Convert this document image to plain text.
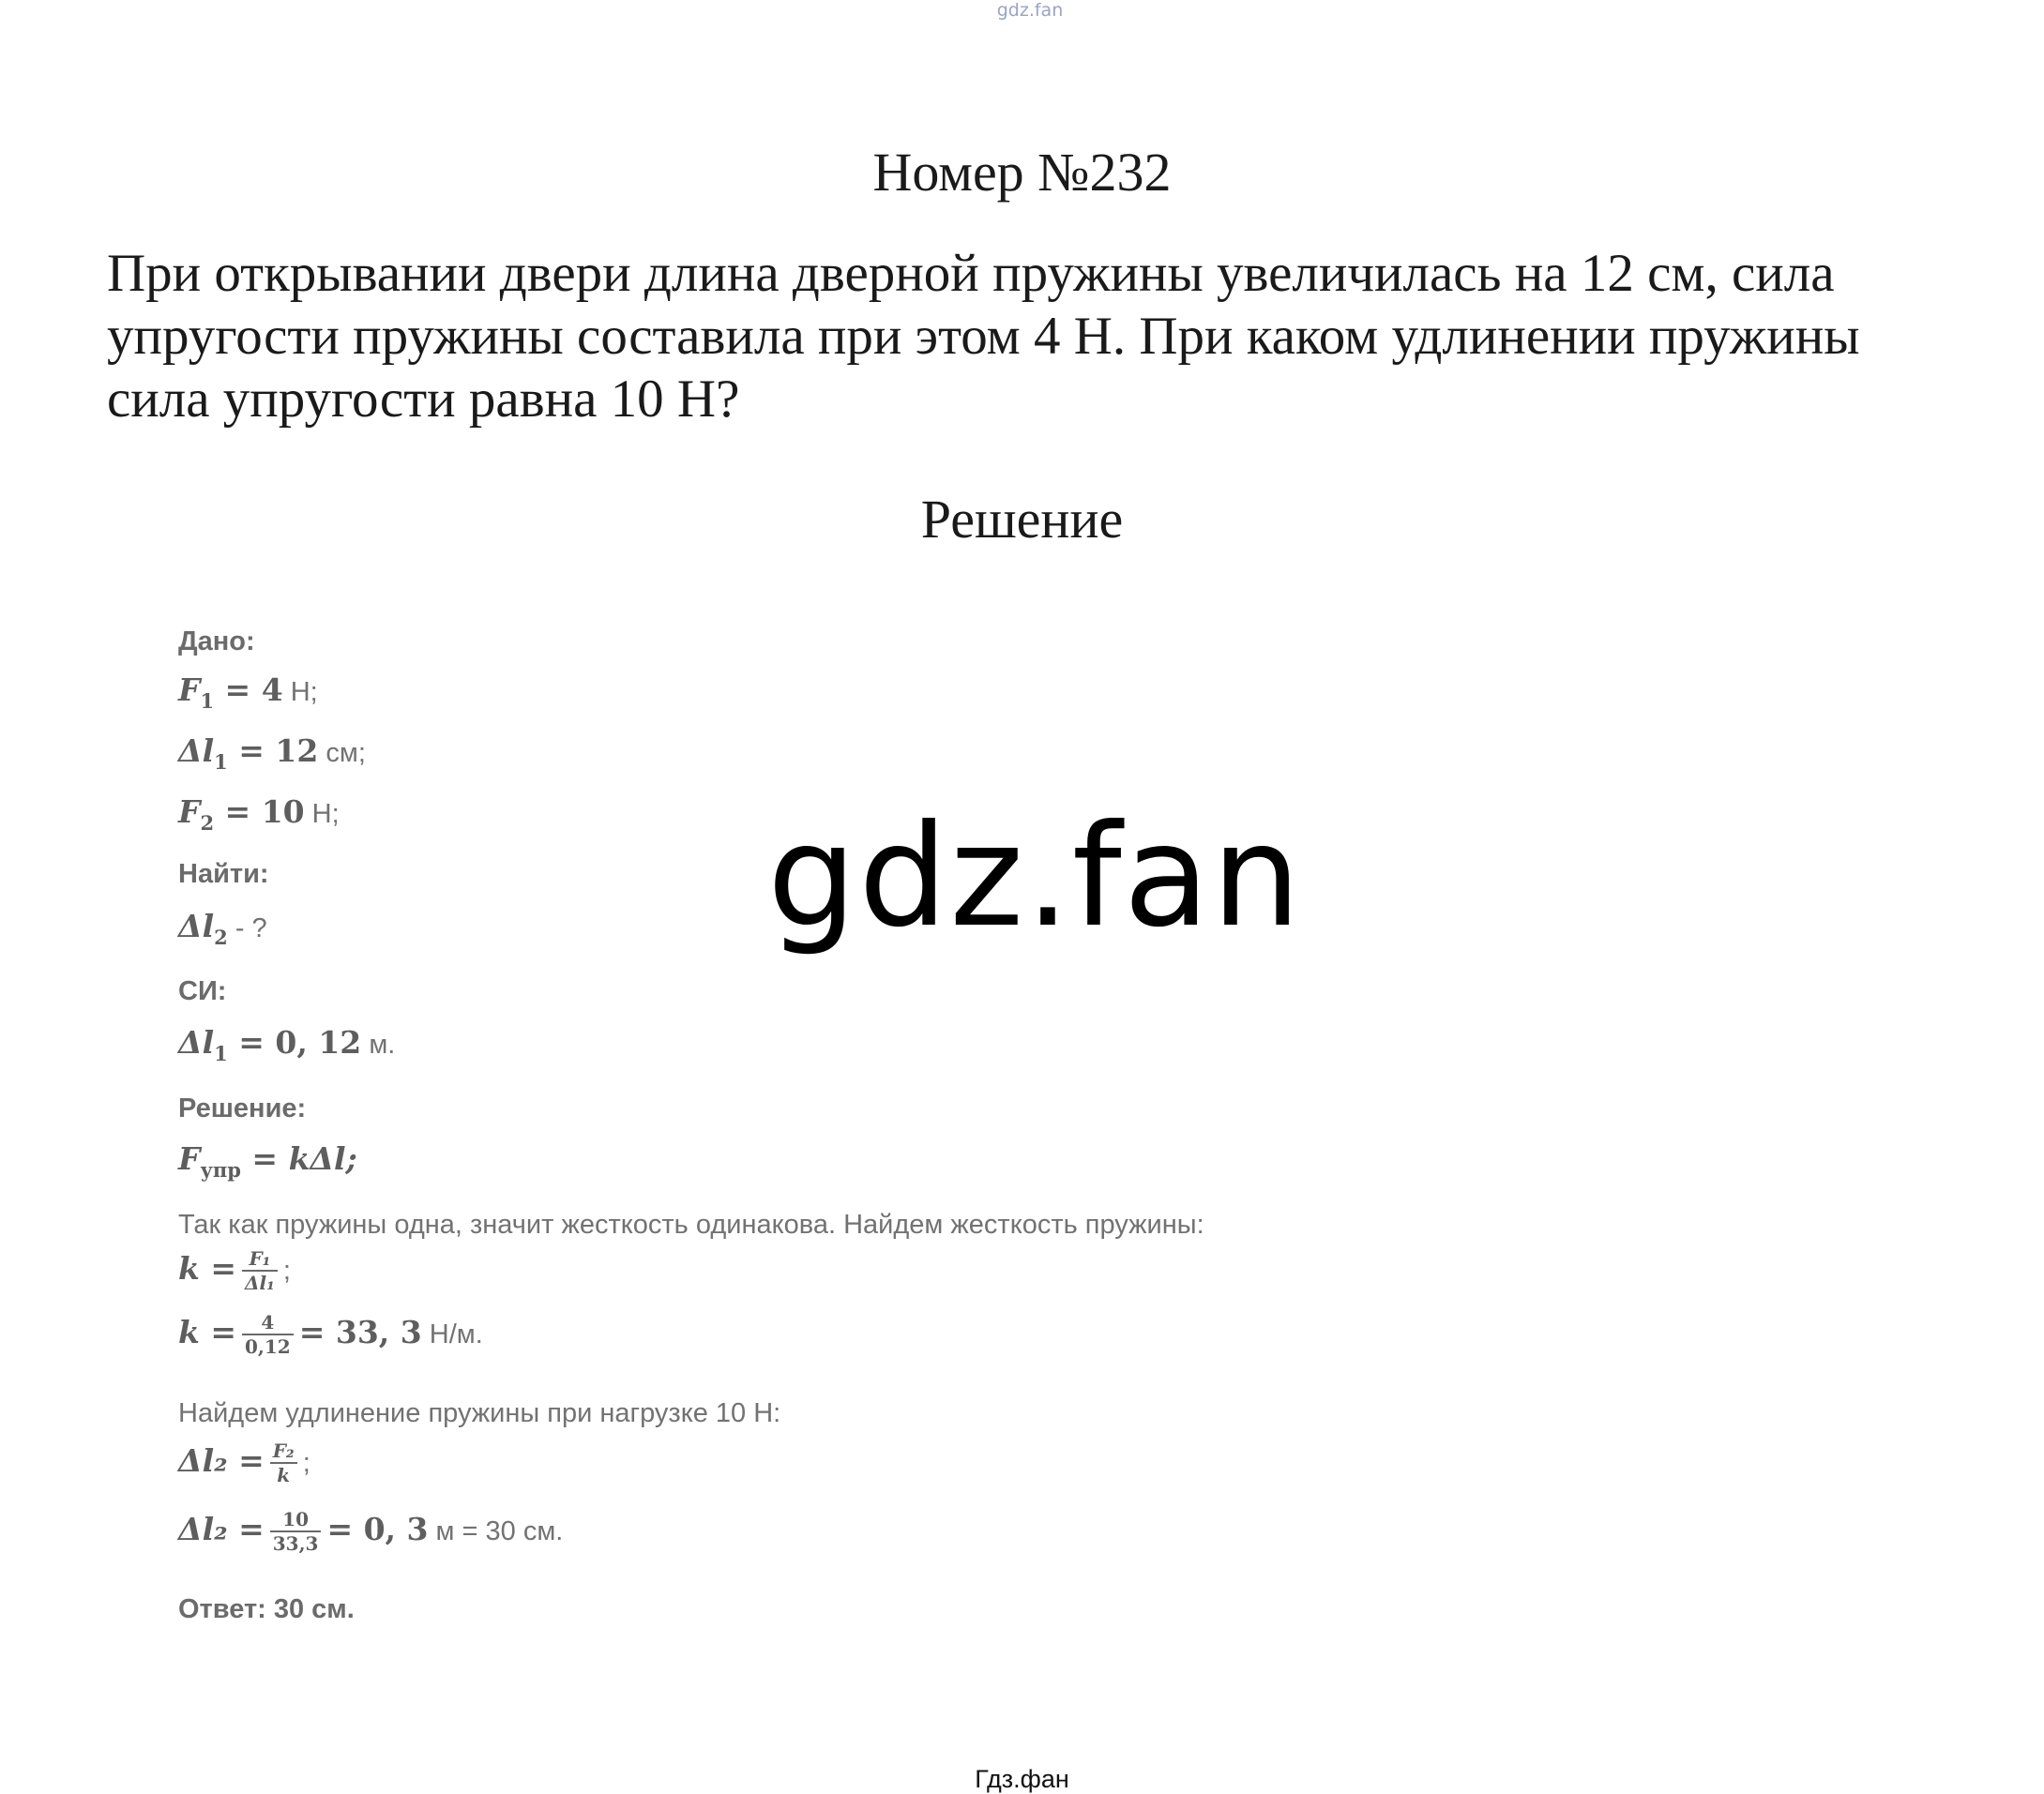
gdz.fan
Номер №232
При открывании двери длина дверной пружины увеличилась на 12 см, сила упругости пружины составила при этом 4 Н. При каком удлинении пружины сила упругости равна 10 Н?
Решение
Дано:
$F_1 = 4$ Н;
$\Delta l_1 = 12$ см;
$F_2 = 10$ Н;
Найти:
$\Delta l_2$ - ?
СИ:
$\Delta l_1 = 0$, 12 м.
Решение:
$F_{упр} = k\Delta l$;
Так как пружины одна, значит жесткость одинакова. Найдем жесткость пружины:
$k = \frac{\text{F₁}}{\text{Δl₁}}$ ;
$k = \frac{4}{0,12} = 33$, 3 Н/м.
Найдем удлинение пружины при нагрузке 10 Н:
$\Delta l_2 = \frac{\text{F₂}}{k}$ ;
$\Delta l_2 = \frac{10}{33,3} = 0$, 3 м = 30 см.
Ответ: 30 см.
gdz.fan
Гдз.фан
